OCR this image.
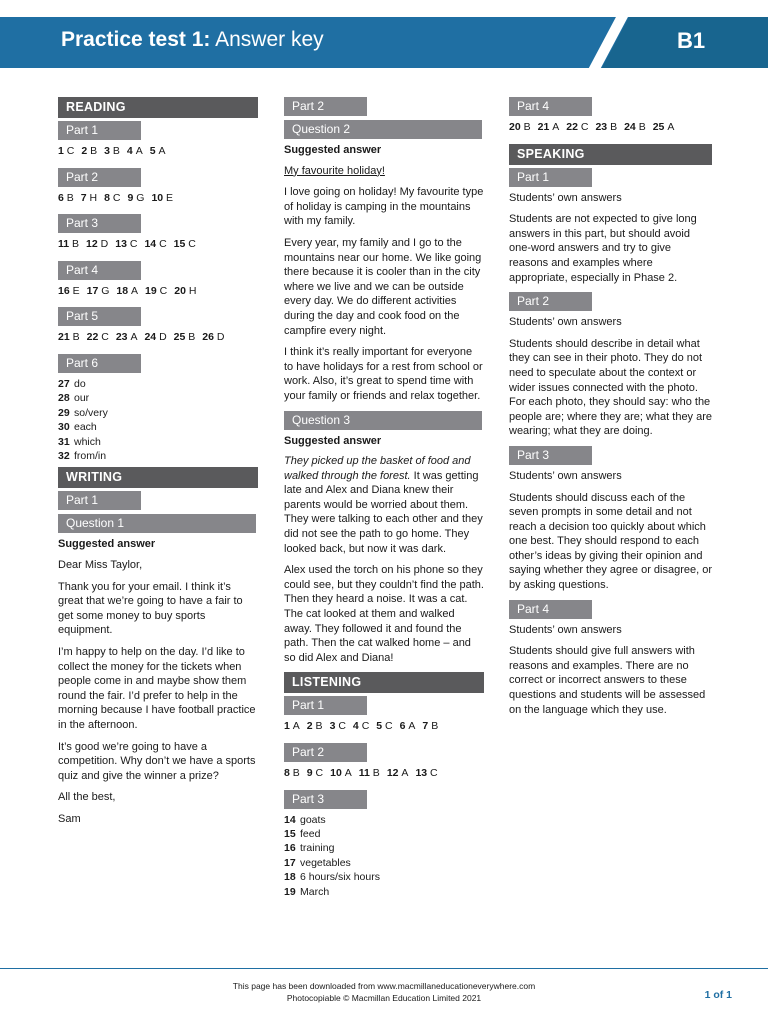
Practice test 1: Answer key	B1
READING
Part 1
1 C 2 B 3 B 4 A 5 A
Part 2
6 B 7 H 8 C 9 G 10 E
Part 3
11 B 12 D 13 C 14 C 15 C
Part 4
16 E 17 G 18 A 19 C 20 H
Part 5
21 B 22 C 23 A 24 D 25 B 26 D
Part 6
27 do
28 our
29 so/very
30 each
31 which
32 from/in
WRITING
Part 1
Question 1
Suggested answer

Dear Miss Taylor,

Thank you for your email. I think it’s great that we’re going to have a fair to get some money to buy sports equipment.

I’m happy to help on the day. I’d like to collect the money for the tickets when people come in and maybe show them round the fair. I’d prefer to help in the morning because I have football practice in the afternoon.

It’s good we’re going to have a competition. Why don’t we have a sports quiz and give the winner a prize?

All the best,

Sam

Part 2
Question 2
Suggested answer

My favourite holiday!

I love going on holiday! My favourite type of holiday is camping in the mountains with my family.

Every year, my family and I go to the mountains near our home. We like going there because it is cooler than in the city where we live and we can be outside every day. We do different activities during the day and cook food on the campfire every night.

I think it’s really important for everyone to have holidays for a rest from school or work. Also, it’s great to spend time with your family or friends and relax together.

Question 3
Suggested answer

They picked up the basket of food and walked through the forest. It was getting late and Alex and Diana knew their parents would be worried about them. They were talking to each other and they did not see the path to go home. They looked back, but now it was dark.

Alex used the torch on his phone so they could see, but they couldn’t find the path. Then they heard a noise. It was a cat. The cat looked at them and walked away. They followed it and found the path. Then the cat walked home – and so did Alex and Diana!

LISTENING
Part 1
1 A 2 B 3 C 4 C 5 C 6 A 7 B
Part 2
8 B 9 C 10 A 11 B 12 A 13 C
Part 3
14 goats
15 feed
16 training
17 vegetables
18 6 hours/six hours
19 March
Part 4
20 B 21 A 22 C 23 B 24 B 25 A
SPEAKING
Part 1

Students’ own answers

Students are not expected to give long answers in this part, but should avoid one-word answers and try to give reasons and examples where appropriate, especially in Phase 2.

Part 2

Students’ own answers

Students should describe in detail what they can see in their photo. They do not need to speculate about the context or wider issues connected with the photo. For each photo, they should say: who the people are; where they are; what they are wearing; what they are doing.

Part 3

Students’ own answers

Students should discuss each of the seven prompts in some detail and not reach a decision too quickly about which one best. They should respond to each other’s ideas by giving their opinion and saying whether they agree or disagree, or by asking questions.

Part 4

Students’ own answers

Students should give full answers with reasons and examples. There are no correct or incorrect answers to these questions and students will be assessed on the language which they use.

This page has been downloaded from www.macmillaneducationeverywhere.com
Photocopiable © Macmillan Education Limited 2021	1 of 1
